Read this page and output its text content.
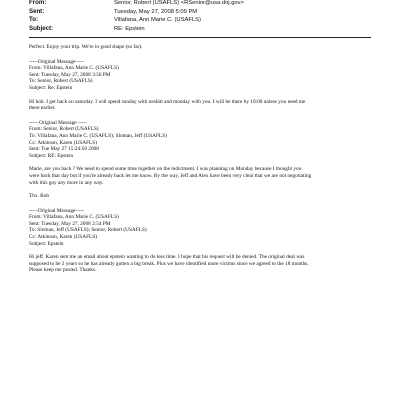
From:	Senior, Robert (USAFLS) <RSenior@usa.doj.gov>
Sent:	Tuesday, May 27, 2008 5:09 PM
To:	Villafana, Ann Marie C. (USAFLS)
Subject:	RE: Epstein

Perfect. Enjoy your trip. We're in good shape (so far).

-----Original Message-----

From: Villafana, Ann Marie C. (USAFLS)

Sent: Tuesday, May 27, 2008 3:56 PM

To: Senior, Robert (USAFLS)

Subject: Re: Epstein

Hi bob. I get back on saturday. I will spend sunday with nesbitt and monday with you. I will be there by 10:00 unless you need me

there earlier.

----- Original Message -----

From: Senior, Robert (USAFLS)

To: Villafana, Ann Marie C. (USAFLS); Sloman, Jeff (USAFLS)

Cc: Atkinson, Karen (USAFLS)

Sent: Tue May 27 15:24:50 2008

Subject: RE: Epstein

Marie, are you back ? We need to spend some time together on the indictment. I was planning on Monday because I thought you

were back that day but if you're already back let me know. By the way, Jeff and Alex have been very clear that we are not negotiating

with this guy any more in any way.

Thx. Bob

-----Original Message-----

From: Villafana, Ann Marie C. (USAFLS)

Sent: Tuesday, May 27, 2008 2:54 PM

To: Sloman, Jeff (USAFLS); Senior, Robert (USAFLS)

Cc: Atkinson, Karen (USAFLS)

Subject: Epstein

Hi jeff. Karen sent me an email about epstein wanting to do less time. I hope that his request will be denied. The original deal was

supposed to be 2 years so he has already gotten a big break. Plus we have identified more victims since we agreed to the 18 months.

Please keep me posted. Thanks.
